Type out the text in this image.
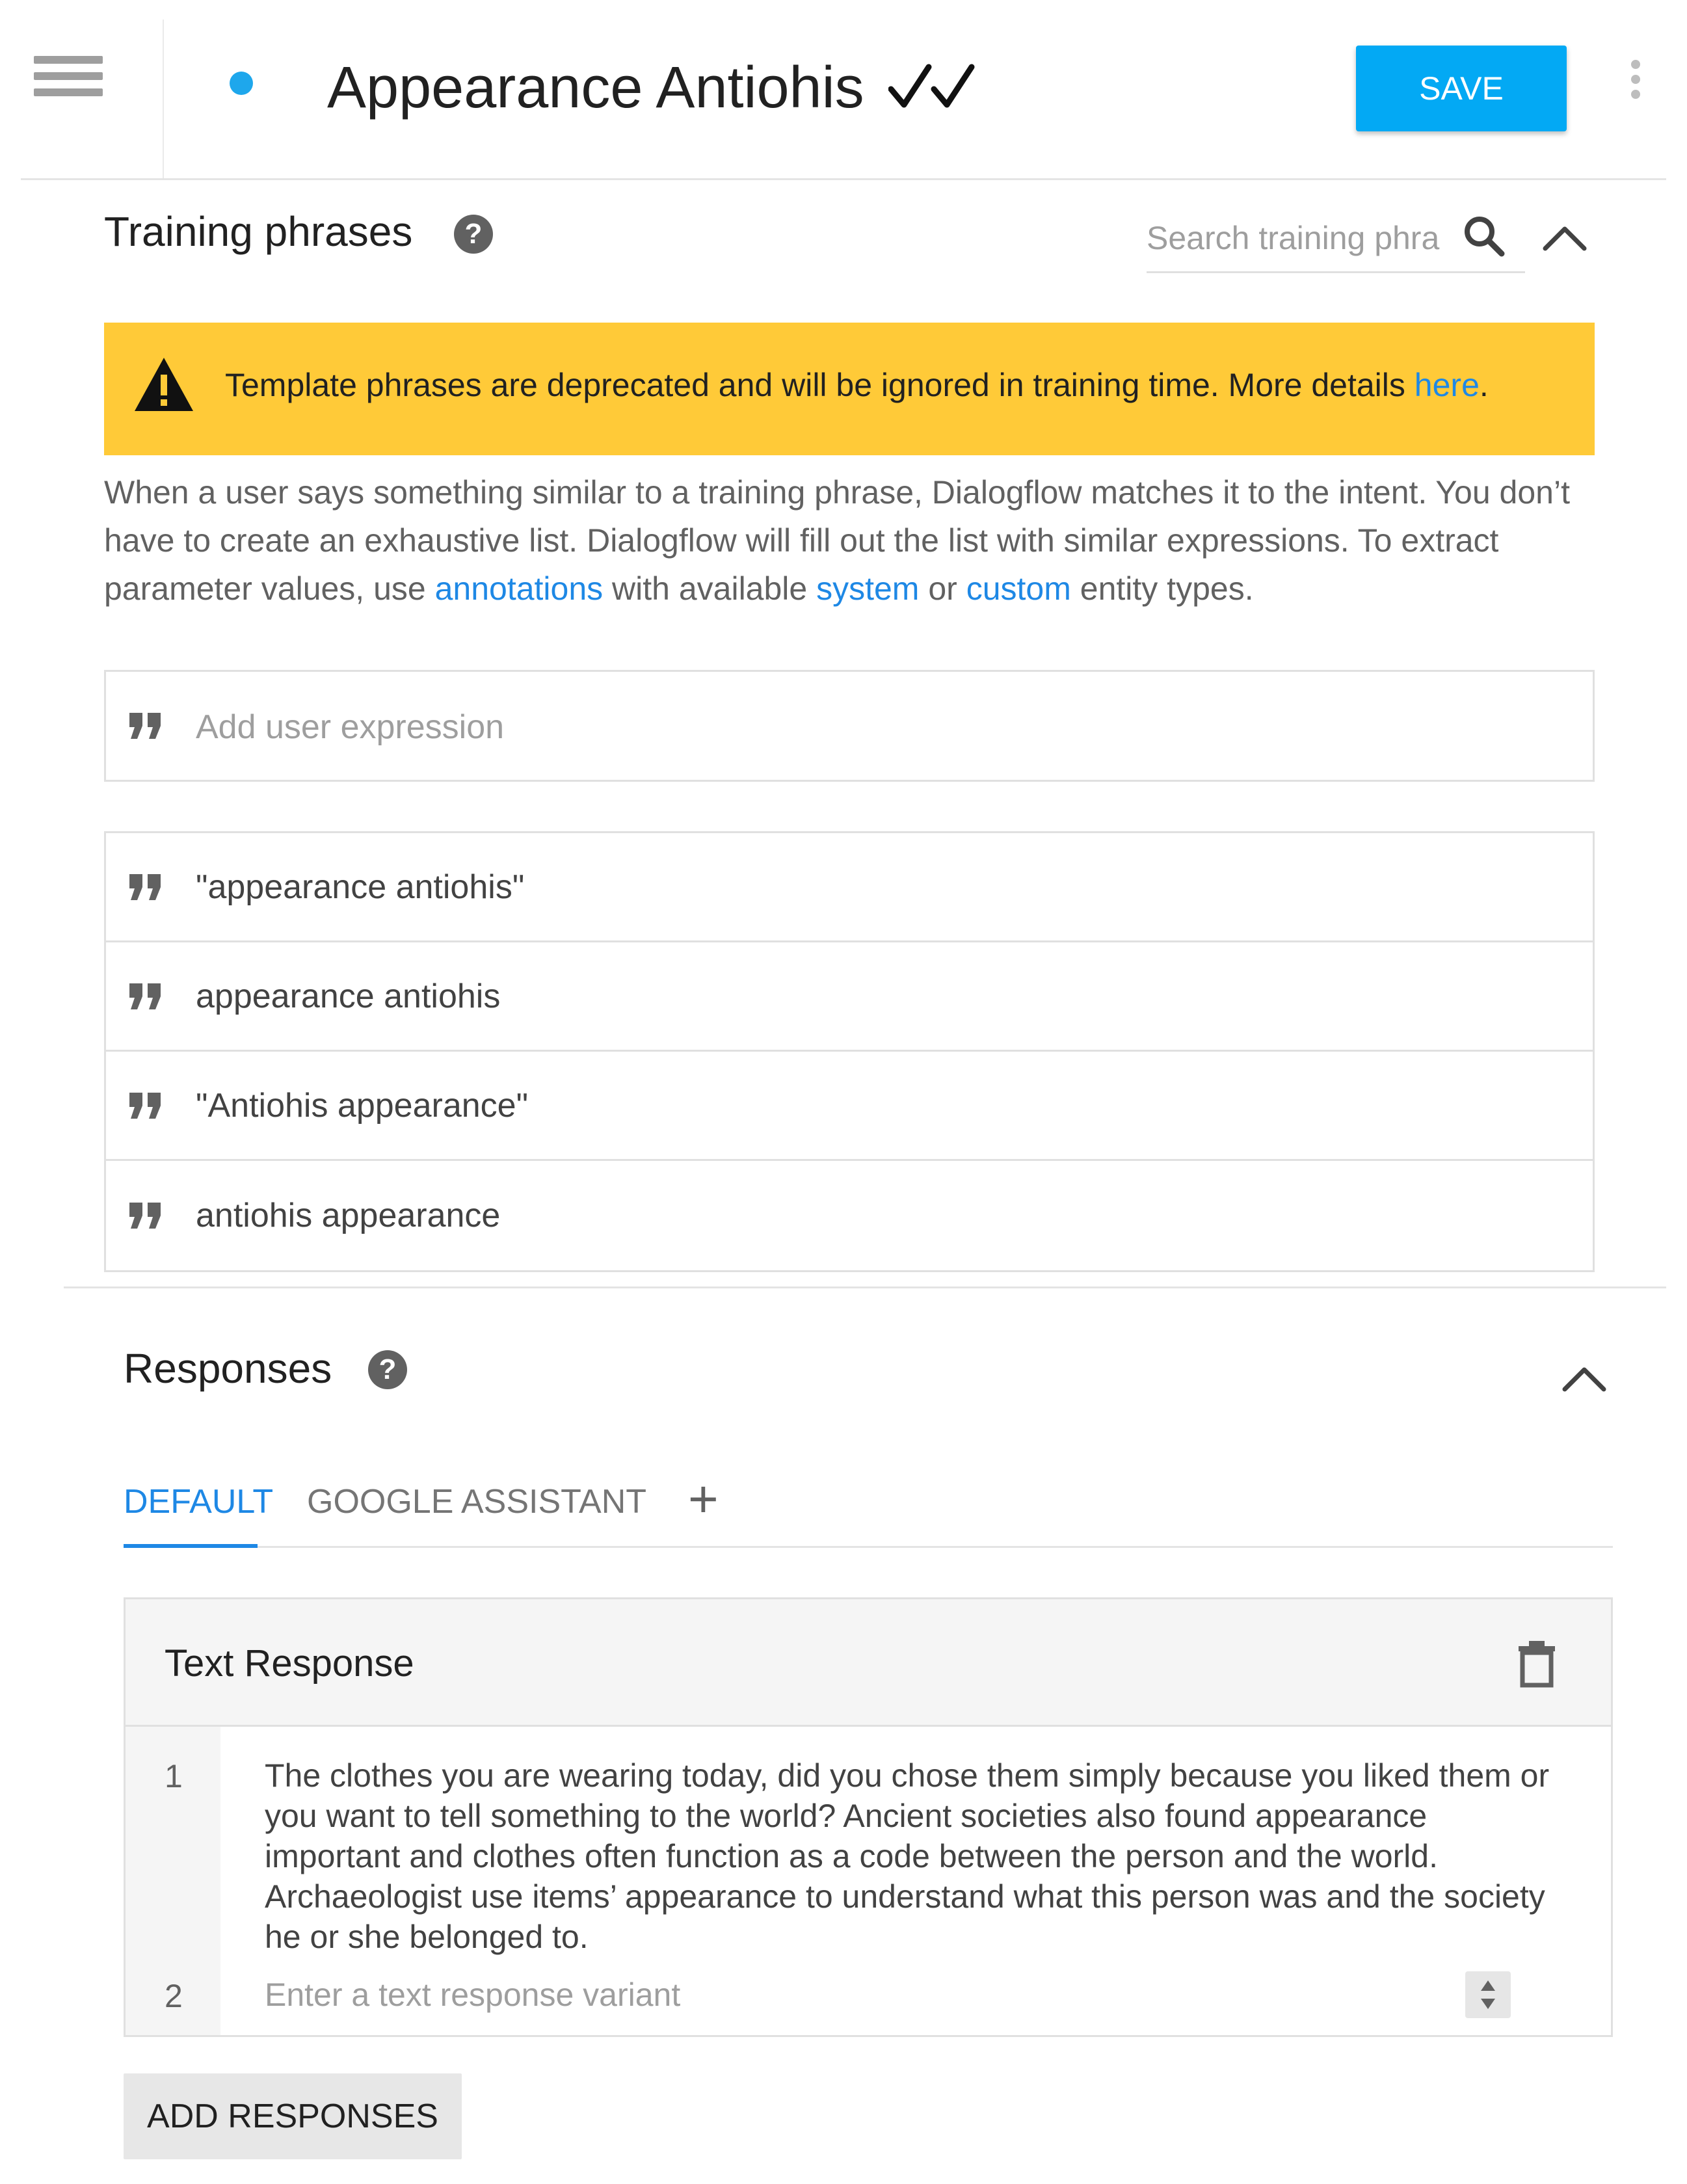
Appearance Antiohis	SAVE
Training phrases	?
Search training phra
Template phrases are deprecated and will be ignored in training time. More details here.
When a user says something similar to a training phrase, Dialogflow matches it to the intent. You don’t have to create an exhaustive list. Dialogflow will fill out the list with similar expressions. To extract parameter values, use annotations with available system or custom entity types.
Add user expression
"appearance antiohis"
appearance antiohis
"Antiohis appearance"
antiohis appearance
Responses	?
DEFAULT GOOGLE ASSISTANT +
Text Response
1	The clothes you are wearing today, did you chose them simply because you liked them or you want to tell something to the world? Ancient societies also found appearance important and clothes often function as a code between the person and the world. Archaeologist use items’ appearance to understand what this person was and the society he or she belonged to.
2
Enter a text response variant
ADD RESPONSES
